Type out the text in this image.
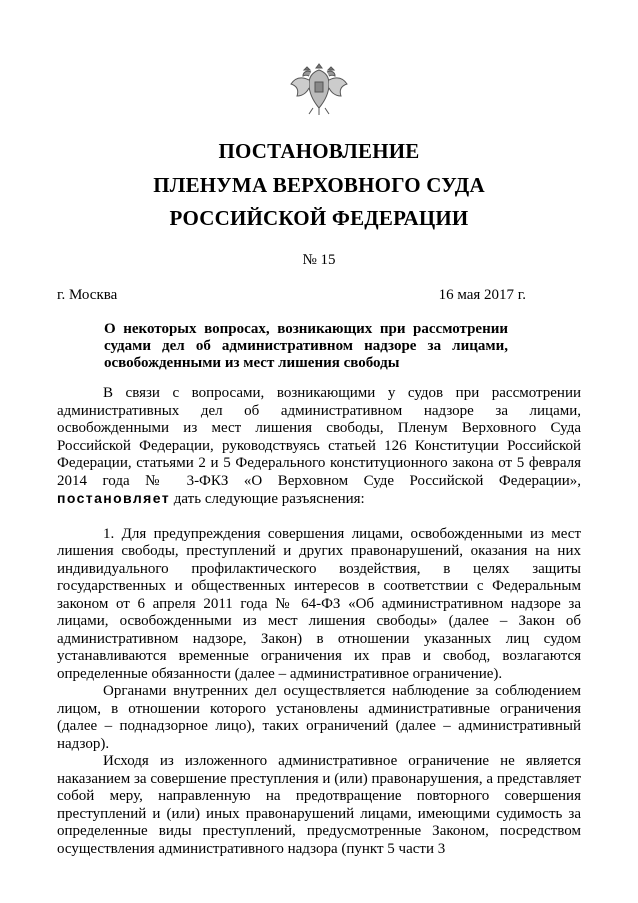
ПОСТАНОВЛЕНИЕ
ПЛЕНУМА ВЕРХОВНОГО СУДА
РОССИЙСКОЙ ФЕДЕРАЦИИ
№ 15
г. Москва	16 мая 2017 г.
О некоторых вопросах, возникающих при рассмотрении судами дел об административном надзоре за лицами, освобожденными из мест лишения свободы

В связи с вопросами, возникающими у судов при рассмотрении административных дел об административном надзоре за лицами, освобожденными из мест лишения свободы, Пленум Верховного Суда Российской Федерации, руководствуясь статьей 126 Конституции Российской Федерации, статьями 2 и 5 Федерального конституционного закона от 5 февраля 2014 года № 3-ФКЗ «О Верховном Суде Российской Федерации», постановляет дать следующие разъяснения:

1. Для предупреждения совершения лицами, освобожденными из мест лишения свободы, преступлений и других правонарушений, оказания на них индивидуального профилактического воздействия, в целях защиты государственных и общественных интересов в соответствии с Федеральным законом от 6 апреля 2011 года № 64-ФЗ «Об административном надзоре за лицами, освобожденными из мест лишения свободы» (далее – Закон об административном надзоре, Закон) в отношении указанных лиц судом устанавливаются временные ограничения их прав и свобод, возлагаются определенные обязанности (далее – административное ограничение).

Органами внутренних дел осуществляется наблюдение за соблюдением лицом, в отношении которого установлены административные ограничения (далее – поднадзорное лицо), таких ограничений (далее – административный надзор).

Исходя из изложенного административное ограничение не является наказанием за совершение преступления и (или) правонарушения, а представляет собой меру, направленную на предотвращение повторного совершения преступлений и (или) иных правонарушений лицами, имеющими судимость за определенные виды преступлений, предусмотренные Законом, посредством осуществления административного надзора (пункт 5 части 3
